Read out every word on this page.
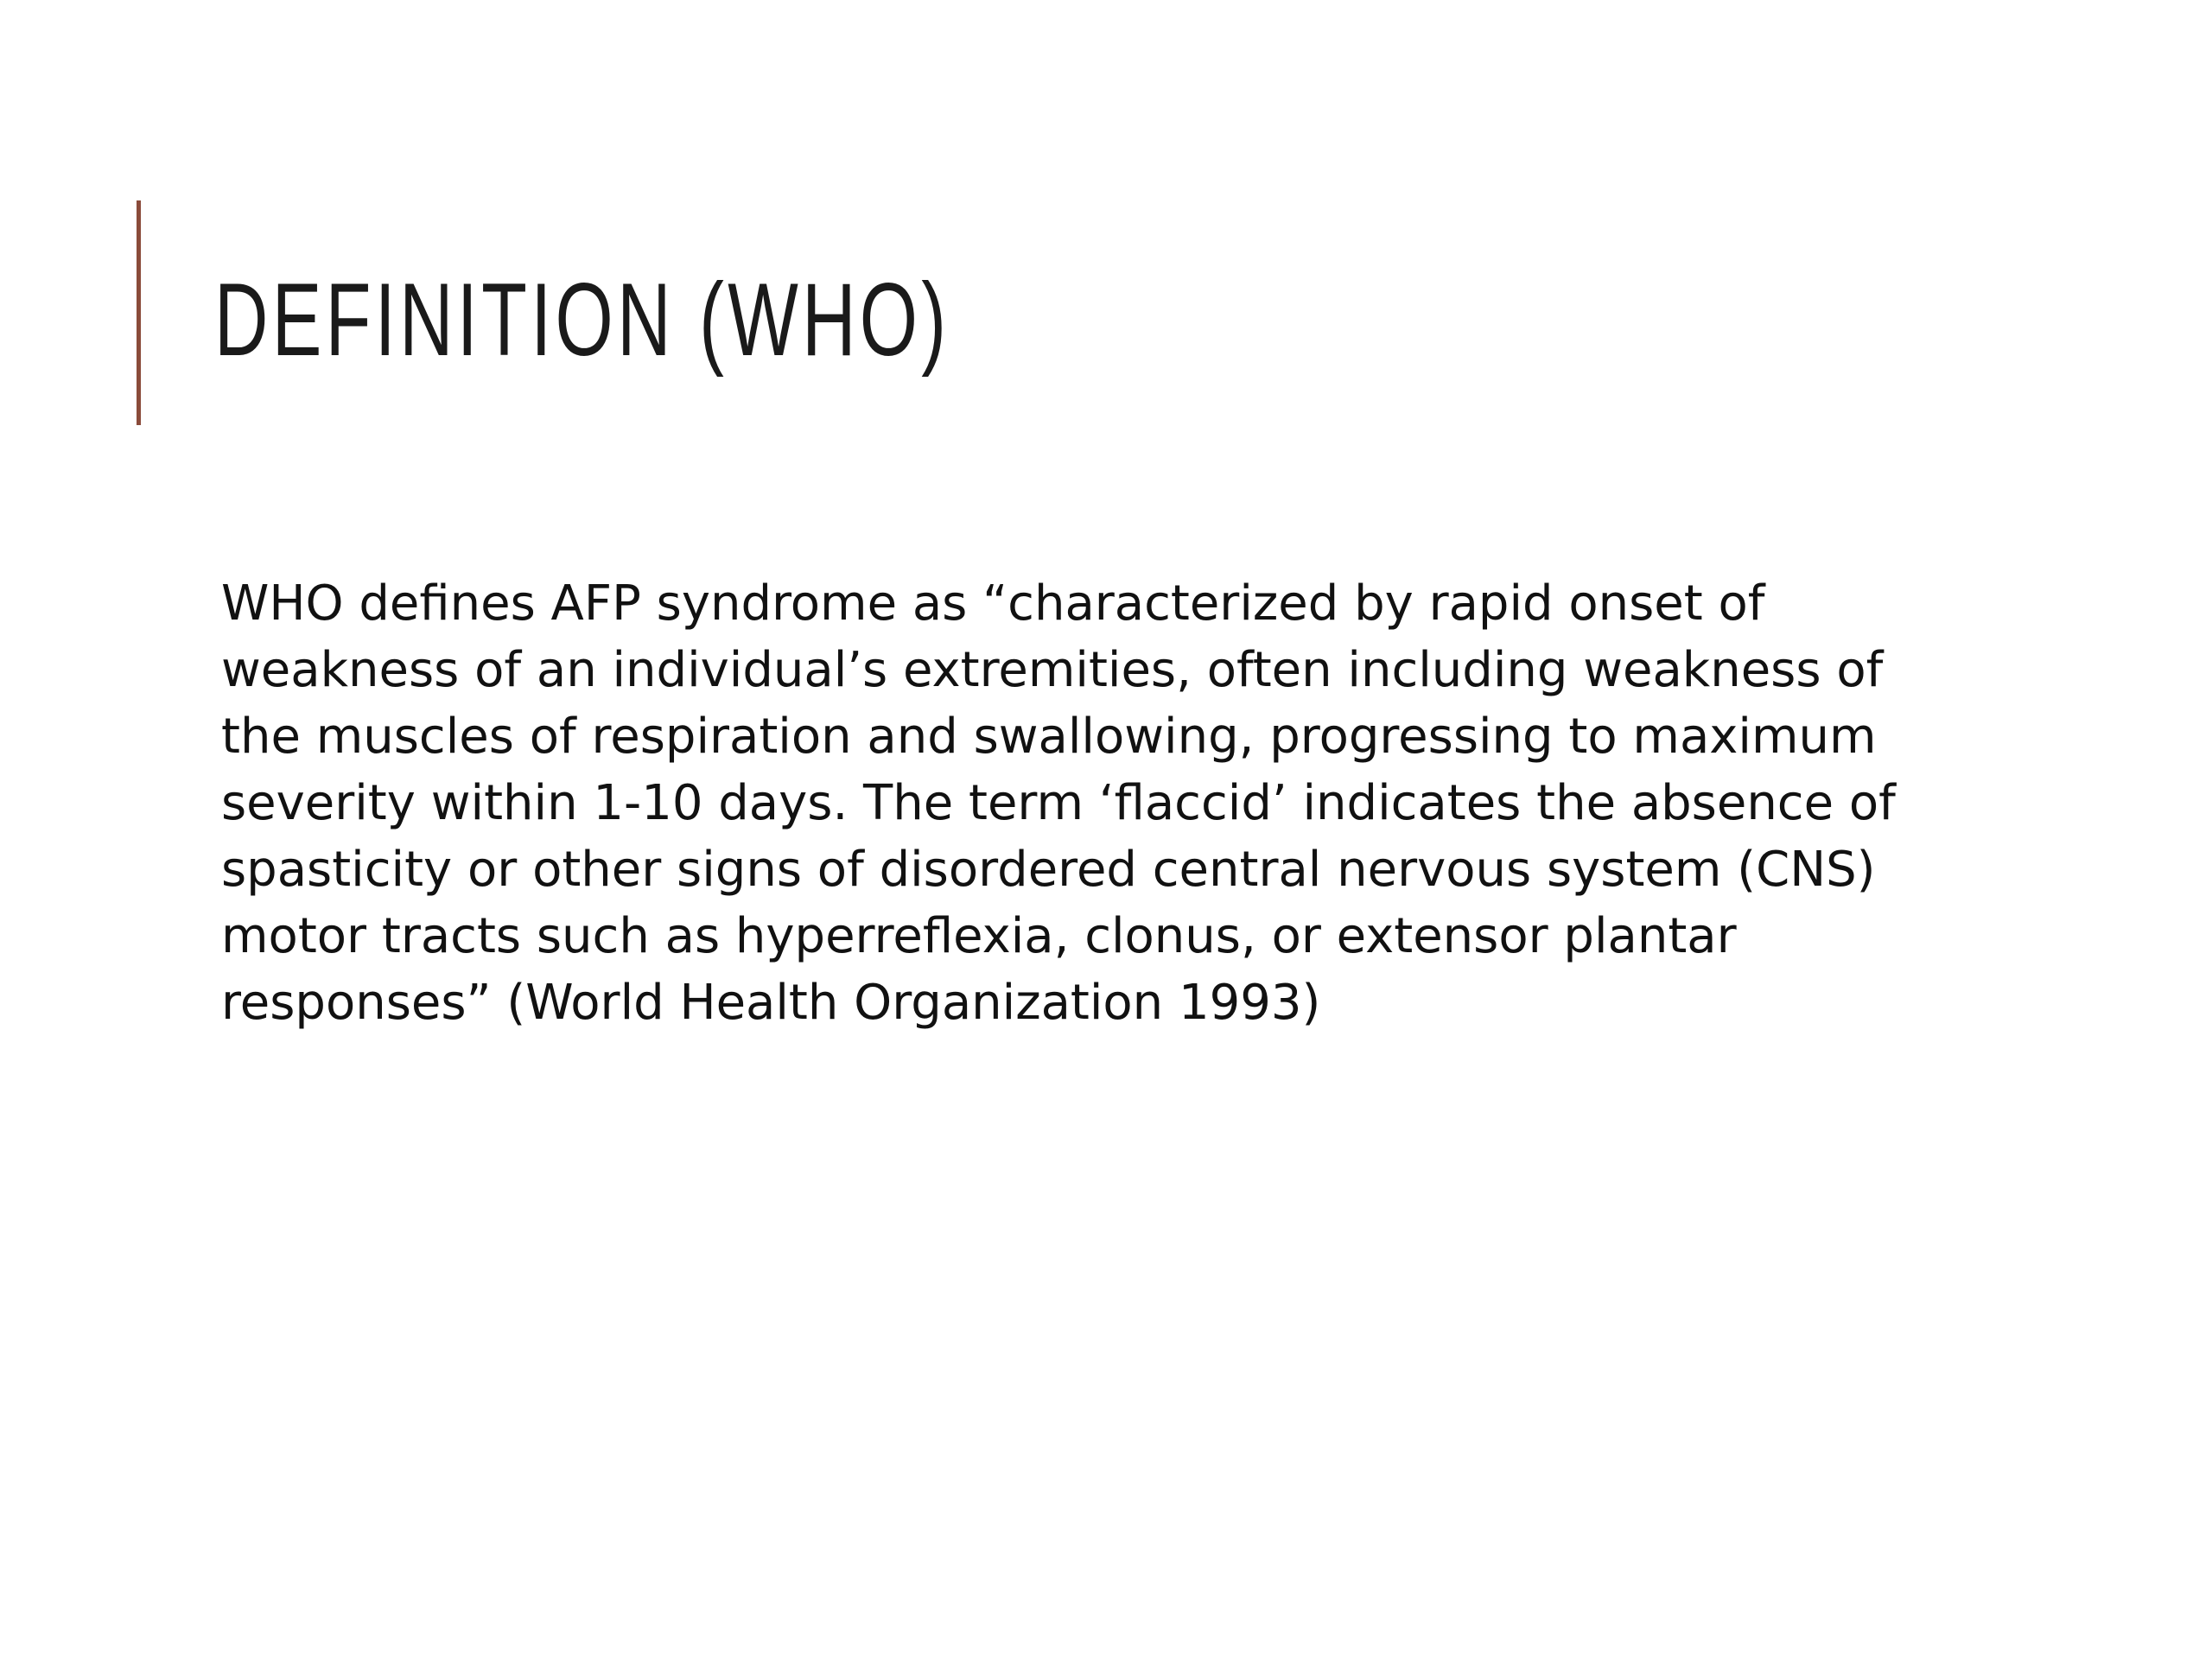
DEFINITION (WHO)
WHO defines AFP syndrome as “characterized by rapid onset of
weakness of an individual’s extremities, often including weakness of
the muscles of respiration and swallowing, progressing to maximum
severity within 1-10 days. The term ‘flaccid’ indicates the absence of
spasticity or other signs of disordered central nervous system (CNS)
motor tracts such as hyperreflexia, clonus, or extensor plantar
responses” (World Health Organization 1993)
